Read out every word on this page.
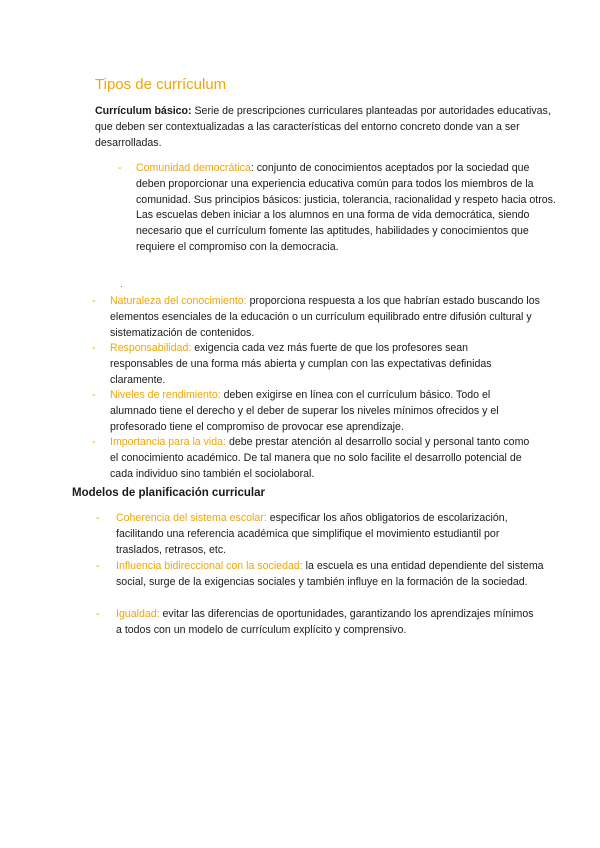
Tipos de currículum

Currículum básico: Serie de prescripciones curriculares planteadas por autoridades educativas, que deben ser contextualizadas a las características del entorno concreto donde van a ser desarrolladas.

- Comunidad democrática: conjunto de conocimientos aceptados por la sociedad que deben proporcionar una experiencia educativa común para todos los miembros de la comunidad. Sus principios básicos: justicia, tolerancia, racionalidad y respeto hacia otros. Las escuelas deben iniciar a los alumnos en una forma de vida democrática, siendo necesario que el currículum fomente las aptitudes, habilidades y conocimientos que requiere el compromiso con la democracia.

·
- Naturaleza del conocimiento: proporciona respuesta a los que habrían estado buscando los elementos esenciales de la educación o un currículum equilibrado entre difusión cultural y sistematización de contenidos.

- Responsabilidad: exigencia cada vez más fuerte de que los profesores sean responsables de una forma más abierta y cumplan con las expectativas definidas claramente.

- Niveles de rendimiento: deben exigirse en línea con el currículum básico. Todo el alumnado tiene el derecho y el deber de superar los niveles mínimos ofrecidos y el profesorado tiene el compromiso de provocar ese aprendizaje.

- Importancia para la vida: debe prestar atención al desarrollo social y personal tanto como el conocimiento académico. De tal manera que no solo facilite el desarrollo potencial de cada individuo sino también el sociolaboral.

Modelos de planificación curricular
- Coherencia del sistema escolar: especificar los años obligatorios de escolarización, facilitando una referencia académica que simplifique el movimiento estudiantil por traslados, retrasos, etc.

- Influencia bidireccional con la sociedad: la escuela es una entidad dependiente del sistema social, surge de la exigencias sociales y también influye en la formación de la sociedad.

- Igualdad: evitar las diferencias de oportunidades, garantizando los aprendizajes mínimos a todos con un modelo de currículum explícito y comprensivo.
